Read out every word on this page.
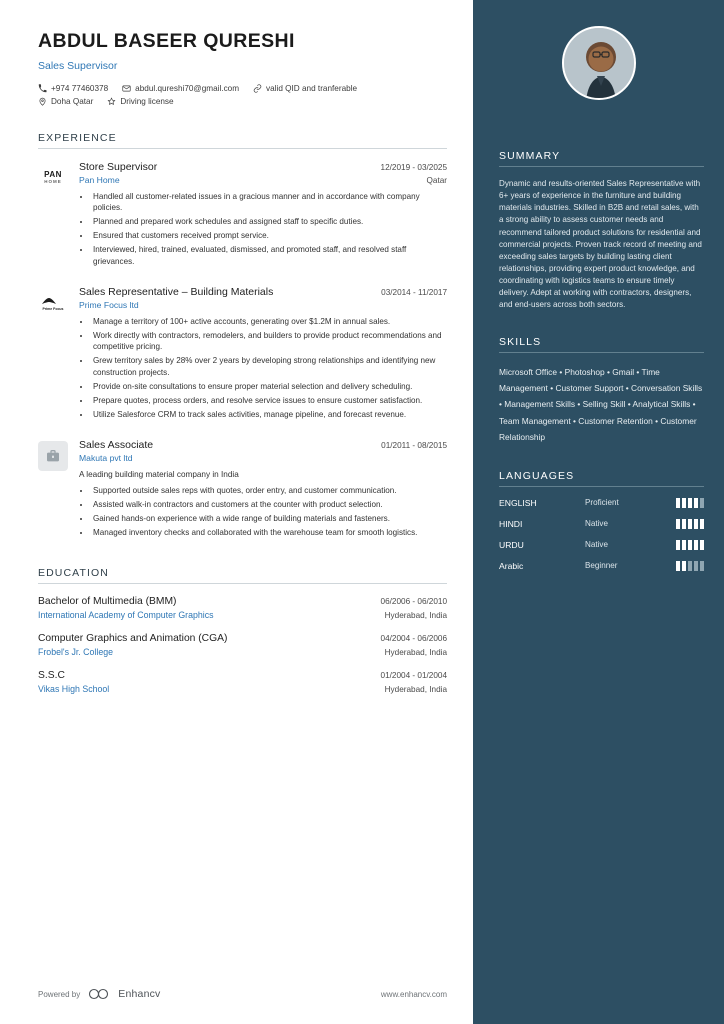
ABDUL BASEER QURESHI
Sales Supervisor
+974 77460378	abdul.qureshi70@gmail.com	valid QID and tranferable
Doha Qatar	Driving license
EXPERIENCE
PAN
HOME
Store Supervisor	12/2019 - 03/2025
Pan Home	Qatar
• Handled all customer-related issues in a gracious manner and in accordance with company policies.
• Planned and prepared work schedules and assigned staff to specific duties.
• Ensured that customers received prompt service.
• Interviewed, hired, trained, evaluated, dismissed, and promoted staff, and resolved staff grievances.
Prime Focus
Sales Representative – Building Materials	03/2014 - 11/2017
Prime Focus ltd
• Manage a territory of 100+ active accounts, generating over $1.2M in annual sales.
• Work directly with contractors, remodelers, and builders to provide product recommendations and competitive pricing.
• Grew territory sales by 28% over 2 years by developing strong relationships and identifying new construction projects.
• Provide on-site consultations to ensure proper material selection and delivery scheduling.
• Prepare quotes, process orders, and resolve service issues to ensure customer satisfaction.
• Utilize Salesforce CRM to track sales activities, manage pipeline, and forecast revenue.
Sales Associate	01/2011 - 08/2015
Makuta pvt ltd
A leading building material company in India
• Supported outside sales reps with quotes, order entry, and customer communication.
• Assisted walk-in contractors and customers at the counter with product selection.
• Gained hands-on experience with a wide range of building materials and fasteners.
• Managed inventory checks and collaborated with the warehouse team for smooth logistics.
EDUCATION
Bachelor of Multimedia (BMM)	06/2006 - 06/2010
International Academy of Computer Graphics	Hyderabad, India
Computer Graphics and Animation (CGA)	04/2004 - 06/2006
Frobel's Jr. College	Hyderabad, India
S.S.C	01/2004 - 01/2004
Vikas High School	Hyderabad, India
Powered by	Enhancv	www.enhancv.com
SUMMARY
Dynamic and results-oriented Sales Representative with 6+ years of experience in the furniture and building materials industries. Skilled in B2B and retail sales, with a strong ability to assess customer needs and recommend tailored product solutions for residential and commercial projects. Proven track record of meeting and exceeding sales targets by building lasting client relationships, providing expert product knowledge, and coordinating with logistics teams to ensure timely delivery. Adept at working with contractors, designers, and end-users across both sectors.
SKILLS
Microsoft Office • Photoshop • Gmail • Time Management • Customer Support • Conversation Skills • Management Skills • Selling Skill • Analytical Skills • Team Management • Customer Retention • Customer Relationship
LANGUAGES
ENGLISH	Proficient
HINDI	Native
URDU	Native
Arabic	Beginner
